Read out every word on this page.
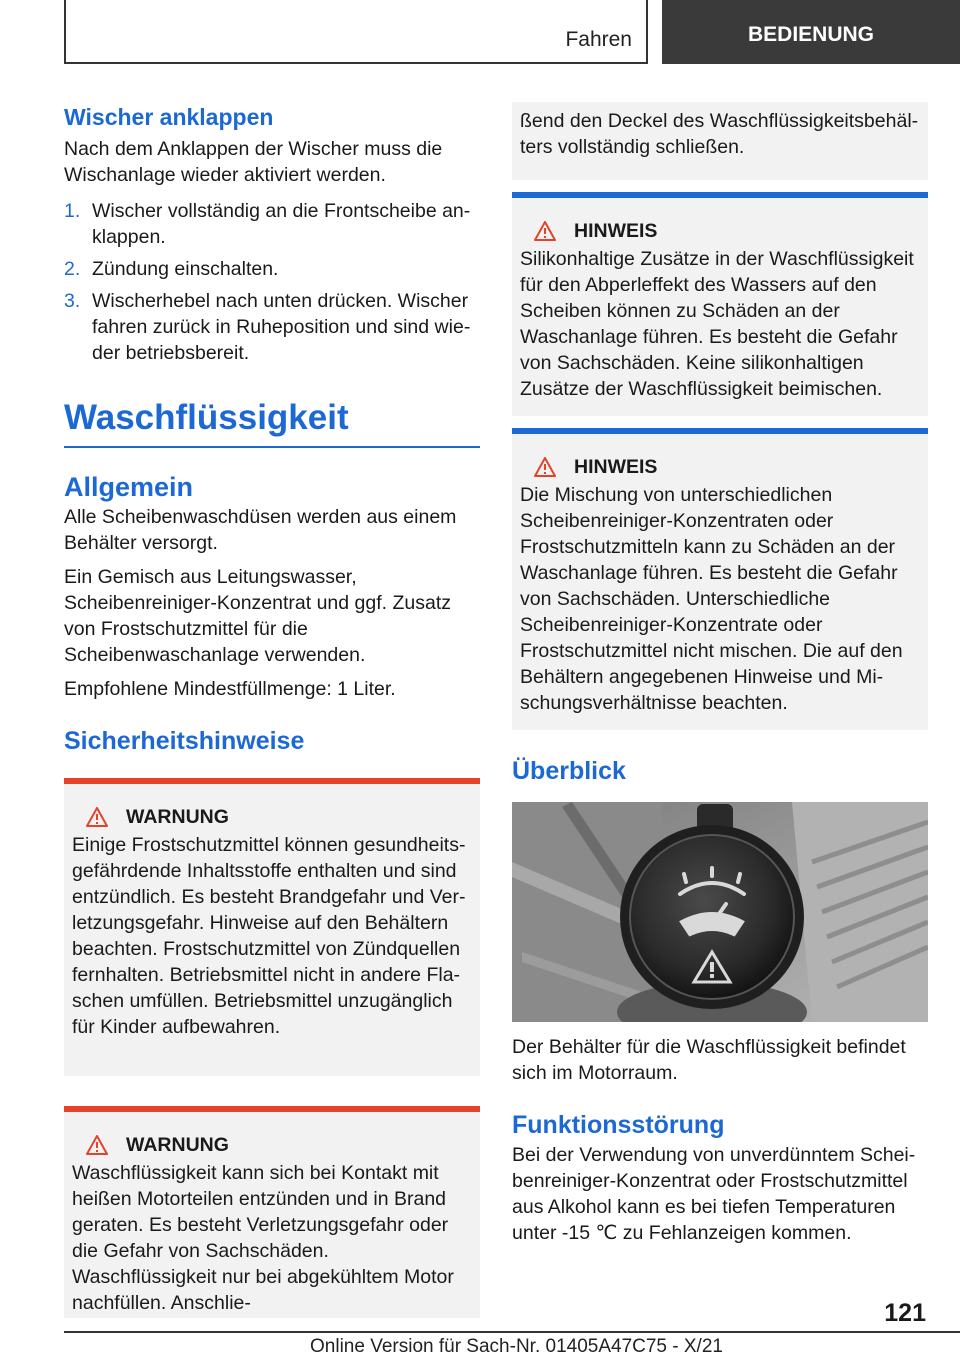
Fahren	BEDIENUNG
Wischer anklappen

Nach dem Anklappen der Wischer muss die Wischanlage wieder aktiviert werden.

1. Wischer vollständig an die Frontscheibe anklappen.
2. Zündung einschalten.
3. Wischerhebel nach unten drücken. Wischer fahren zurück in Ruheposition und sind wieder betriebsbereit.
Waschflüssigkeit
Allgemein

Alle Scheibenwaschdüsen werden aus einem Behälter versorgt.

Ein Gemisch aus Leitungswasser, Scheibenreiniger-Konzentrat und ggf. Zusatz von Frostschutzmittel für die Scheibenwaschanlage verwenden.

Empfohlene Mindestfüllmenge: 1 Liter.

Sicherheitshinweise
WARNUNG

Einige Frostschutzmittel können gesundheitsgefährdende Inhaltsstoffe enthalten und sind entzündlich. Es besteht Brandgefahr und Verletzungsgefahr. Hinweise auf den Behältern beachten. Frostschutzmittel von Zündquellen fernhalten. Betriebsmittel nicht in andere Flaschen umfüllen. Betriebsmittel unzugänglich für Kinder aufbewahren.

WARNUNG

Waschflüssigkeit kann sich bei Kontakt mit heißen Motorteilen entzünden und in Brand geraten. Es besteht Verletzungsgefahr oder die Gefahr von Sachschäden. Waschflüssigkeit nur bei abgekühltem Motor nachfüllen. Anschlie-

ßend den Deckel des Waschflüssigkeitsbehälters vollständig schließen.

HINWEIS

Silikonhaltige Zusätze in der Waschflüssigkeit für den Abperleffekt des Wassers auf den Scheiben können zu Schäden an der Waschanlage führen. Es besteht die Gefahr von Sachschäden. Keine silikonhaltigen Zusätze der Waschflüssigkeit beimischen.

HINWEIS

Die Mischung von unterschiedlichen Scheibenreiniger-Konzentraten oder Frostschutzmitteln kann zu Schäden an der Waschanlage führen. Es besteht die Gefahr von Sachschäden. Unterschiedliche Scheibenreiniger-Konzentrate oder Frostschutzmittel nicht mischen. Die auf den Behältern angegebenen Hinweise und Mischungsverhältnisse beachten.

Überblick

Der Behälter für die Waschflüssigkeit befindet sich im Motorraum.

Funktionsstörung

Bei der Verwendung von unverdünntem Scheibenreiniger-Konzentrat oder Frostschutzmittel aus Alkohol kann es bei tiefen Temperaturen unter -15 ℃ zu Fehlanzeigen kommen.

121
Online Version für Sach-Nr. 01405A47C75 - X/21
